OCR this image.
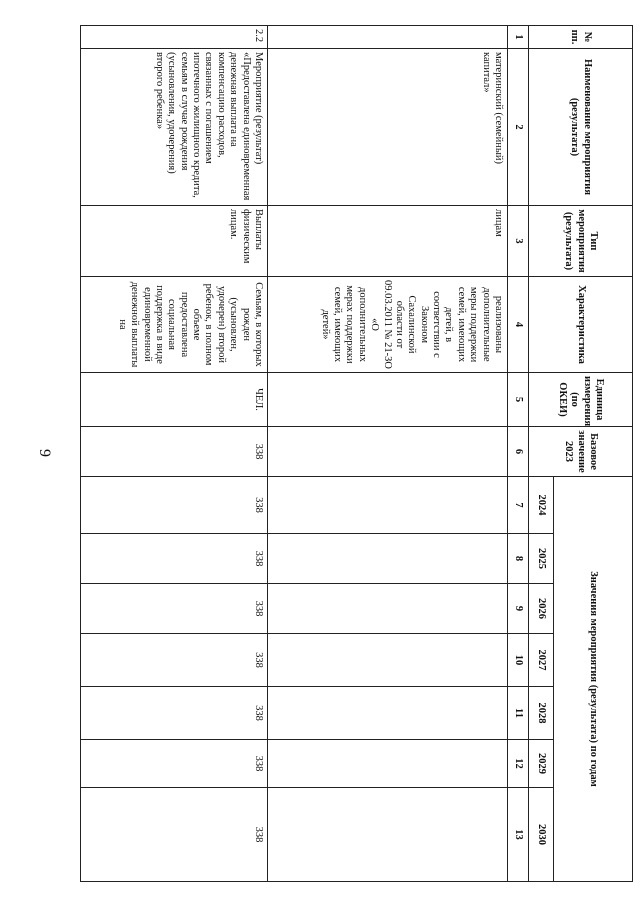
9
№ пп.	Наименование мероприятия (результата)	Тип мероприятия (результата)	Характеристика	Единица измерения (по ОКЕИ)	Базовое значение 2023	Значения мероприятия (результата) по годам						
						2024	2025	2026	2027	2028	2029	2030
1	2	3	4	5	6	7	8	9	10	11	12	13
	материнский (семейный) капитал»	лицам	реализованы дополнительные меры поддержки семей, имеющих детей, в соответствии с Законом Сахалинской области от 09.03.2011 № 21-ЗО «О дополнительных мерах поддержки семей, имеющих детей»									
2.2	Мероприятие (результат) «Предоставлена единовременная денежная выплата на компенсацию расходов, связанных с погашением ипотечного жилищного кредита, семьям в случае рождения (усыновления, удочерения) второго ребенка»	Выплаты физическим лицам.	Семьям, в которых рожден (усыновлен, удочерен) второй ребенок, в полном объеме предоставлена социальная поддержка в виде единовременной денежной выплаты на	ЧЕЛ.	338	338	338	338	338	338	338	338
